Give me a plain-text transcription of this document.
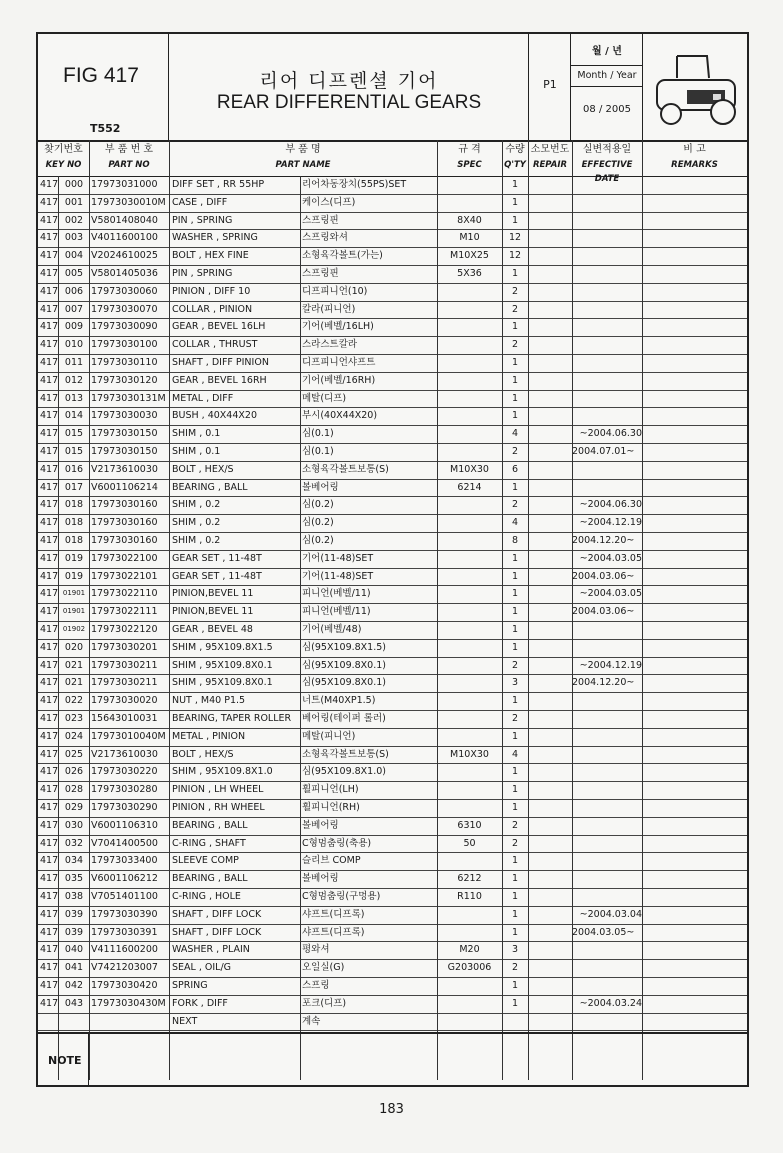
FIG 417
T552
리어 디프렌셜 기어
REAR DIFFERENTIAL GEARS
P1
월 / 년
Month / Year
08 / 2005
찾기번호
KEY NO
부 품 번 호
PART NO
부 품 명
PART NAME
규 격
SPEC
수량
Q'TY
소모번도
REPAIR
실변적용일
EFFECTIVE DATE
비 고
REMARKS
417 000 17973031000	DIFF SET , RR 55HP	리어차동장치(55PS)SET	1
417 001 17973030010M CASE , DIFF	케이스(디프)	1
417 002 V5801408040	PIN , SPRING	스프링핀	8X40	1
417 003 V4011600100	WASHER , SPRING	스프링와셔	M10	12
417 004 V2024610025	BOLT , HEX FINE	소형육각볼트(가는)	M10X25	12
417 005 V5801405036	PIN , SPRING	스프링핀	5X36	1
417 006 17973030060	PINION , DIFF 10	디프피니언(10)	2
417 007 17973030070	COLLAR , PINION	칼라(피니언)	2
417 009 17973030090	GEAR , BEVEL 16LH	기어(베벨/16LH)	1
417 010 17973030100	COLLAR , THRUST	스라스트칼라	2
417 011 17973030110	SHAFT , DIFF PINION	디프피니언샤프트	1
417 012 17973030120	GEAR , BEVEL 16RH	기어(베벨/16RH)	1
417 013 17973030131M METAL , DIFF	메탈(디프)	1
417 014 17973030030	BUSH , 40X44X20	부시(40X44X20)	1
417 015 17973030150	SHIM , 0.1	심(0.1)	4	~2004.06.30
417 015 17973030150	SHIM , 0.1	심(0.1)	2	2004.07.01~
417 016 V2173610030	BOLT , HEX/S	소형육각볼트보통(S)	M10X30	6
417 017 V6001106214	BEARING , BALL	볼베어링	6214	1
417 018 17973030160	SHIM , 0.2	심(0.2)	2	~2004.06.30
417 018 17973030160	SHIM , 0.2	심(0.2)	4	~2004.12.19
417 018 17973030160	SHIM , 0.2	심(0.2)	8	2004.12.20~
417 019 17973022100	GEAR SET , 11-48T	기어(11-48)SET	1	~2004.03.05
417 019 17973022101	GEAR SET , 11-48T	기어(11-48)SET	1	2004.03.06~
417 01901 17973022110	PINION,BEVEL 11	피니언(베벨/11)	1	~2004.03.05
417 01901 17973022111	PINION,BEVEL 11	피니언(베벨/11)	1	2004.03.06~
417 01902 17973022120	GEAR , BEVEL 48	기어(베벨/48)	1
417 020 17973030201	SHIM , 95X109.8X1.5	심(95X109.8X1.5)	1
417 021 17973030211	SHIM , 95X109.8X0.1	심(95X109.8X0.1)	2	~2004.12.19
417 021 17973030211	SHIM , 95X109.8X0.1	심(95X109.8X0.1)	3	2004.12.20~
417 022 17973030020	NUT , M40 P1.5	너트(M40XP1.5)	1
417 023 15643010031	BEARING, TAPER ROLLER	베어링(테이퍼 롤러)	2
417 024 17973010040M METAL , PINION	메탈(피니언)	1
417 025 V2173610030	BOLT , HEX/S	소형육각볼트보통(S)	M10X30	4
417 026 17973030220	SHIM , 95X109.8X1.0	심(95X109.8X1.0)	1
417 028 17973030280	PINION , LH WHEEL	휠피니언(LH)	1
417 029 17973030290	PINION , RH WHEEL	휠피니언(RH)	1
417 030 V6001106310	BEARING , BALL	볼베어링	6310	2
417 032 V7041400500	C-RING , SHAFT	C형멈춤링(축용)	50	2
417 034 17973033400	SLEEVE COMP	슬리브 COMP	1
417 035 V6001106212	BEARING , BALL	볼베어링	6212	1
417 038 V7051401100	C-RING , HOLE	C형멈춤링(구멍용)	R110	1
417 039 17973030390	SHAFT , DIFF LOCK	샤프트(디프록)	1	~2004.03.04
417 039 17973030391	SHAFT , DIFF LOCK	샤프트(디프록)	1	2004.03.05~
417 040 V4111600200	WASHER , PLAIN	평와셔	M20	3
417 041 V7421203007	SEAL , OIL/G	오일실(G)	G203006	2
417 042 17973030420	SPRING	스프링	1
417 043 17973030430M FORK , DIFF	포크(디프)	1	~2004.03.24
NEXT	계속
NOTE
183
